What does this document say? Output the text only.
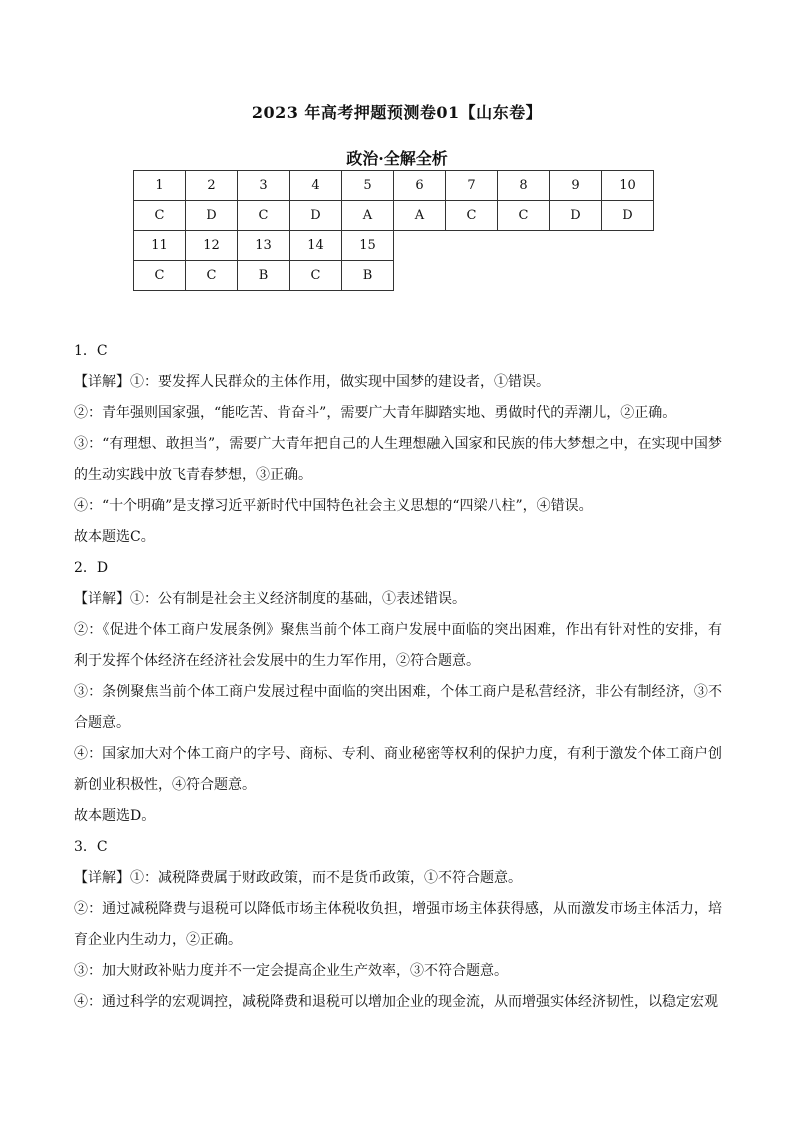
2023 年高考押题预测卷01【山东卷】
政治·全解全析
1	2	3	4	5	6	7	8	9	10
C	D	C	D	A	A	C	C	D	D
11	12	13	14	15					
C	C	B	C	B					

1．C

【详解】①：要发挥人民群众的主体作用，做实现中国梦的建设者，①错误。

②：青年强则国家强，“能吃苦、肯奋斗”，需要广大青年脚踏实地、勇做时代的弄潮儿，②正确。

③：“有理想、敢担当”，需要广大青年把自己的人生理想融入国家和民族的伟大梦想之中，在实现中国梦的生动实践中放飞青春梦想，③正确。

④：“十个明确”是支撑习近平新时代中国特色社会主义思想的“四梁八柱”，④错误。

故本题选C。

2．D

【详解】①：公有制是社会主义经济制度的基础，①表述错误。

②：《促进个体工商户发展条例》聚焦当前个体工商户发展中面临的突出困难，作出有针对性的安排，有利于发挥个体经济在经济社会发展中的生力军作用，②符合题意。

③：条例聚焦当前个体工商户发展过程中面临的突出困难，个体工商户是私营经济，非公有制经济，③不合题意。

④：国家加大对个体工商户的字号、商标、专利、商业秘密等权利的保护力度，有利于激发个体工商户创新创业积极性，④符合题意。

故本题选D。

3．C

【详解】①：减税降费属于财政政策，而不是货币政策，①不符合题意。

②：通过减税降费与退税可以降低市场主体税收负担，增强市场主体获得感，从而激发市场主体活力，培育企业内生动力，②正确。

③：加大财政补贴力度并不一定会提高企业生产效率，③不符合题意。

④：通过科学的宏观调控，减税降费和退税可以增加企业的现金流，从而增强实体经济韧性，以稳定宏观
